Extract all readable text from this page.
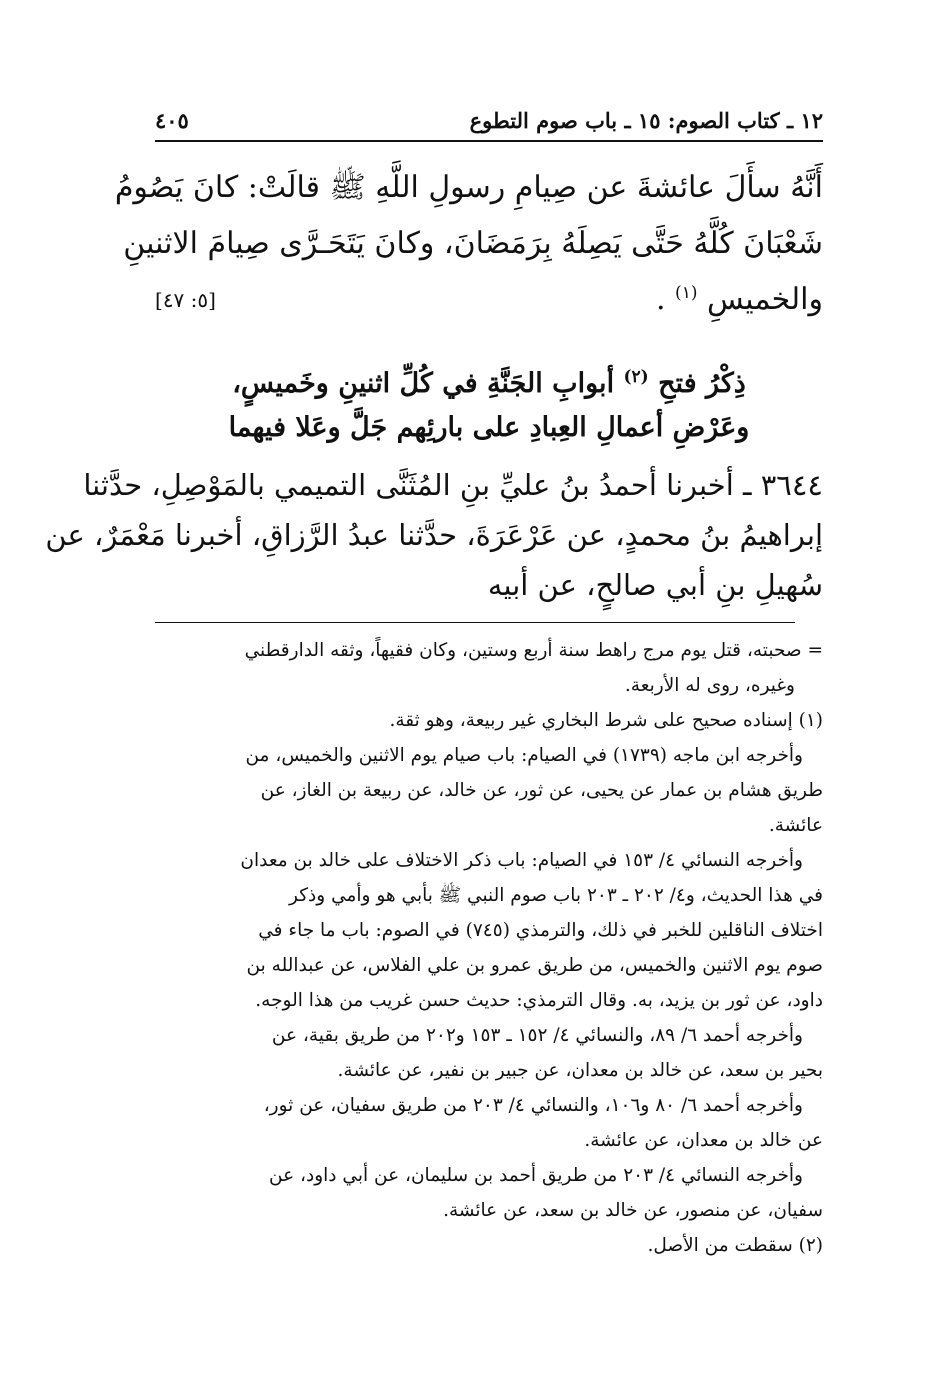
١٢ ـ كتاب الصوم: ١٥ ـ باب صوم التطوع
٤٠٥
أَنَّهُ سأَلَ عائشةَ عن صِيامِ رسولِ اللَّهِ ﷺ قالَتْ: كانَ يَصُومُ
شَعْبَانَ كُلَّهُ حَتَّى يَصِلَهُ بِرَمَضَانَ، وكانَ يَتَحَـرَّى صِيامَ الاثنينِ
والخميسِ $^{(١)}$ .
[٥: ٤٧]
ذِكْرُ فتحِ $^{(٢)}$ أبوابِ الجَنَّةِ في كُلِّ اثنينِ وخَميسٍ،
وعَرْضِ أعمالِ العِبادِ على بارئِهم جَلَّ وعَلا فيهما
٣٦٤٤ ـ أخبرنا أحمدُ بنُ عليِّ بنِ المُثَنَّى التميمي بالمَوْصِلِ، حدَّثنا
إبراهيمُ بنُ محمدٍ، عن عَرْعَرَةَ، حدَّثنا عبدُ الرَّزاقِ، أخبرنا مَعْمَرٌ، عن
سُهيلِ بنِ أبي صالحٍ، عن أبيه
= صحبته، قتل يوم مرج راهط سنة أربع وستين، وكان فقيهاً، وثقه الدارقطني
وغيره، روى له الأربعة.
(١) إسناده صحيح على شرط البخاري غير ربيعة، وهو ثقة.
وأخرجه ابن ماجه (١٧٣٩) في الصيام: باب صيام يوم الاثنين والخميس، من
طريق هشام بن عمار عن يحيى، عن ثور، عن خالد، عن ربيعة بن الغاز، عن
عائشة.
وأخرجه النسائي ٤/ ١٥٣ في الصيام: باب ذكر الاختلاف على خالد بن معدان
في هذا الحديث، و٤/ ٢٠٢ ـ ٢٠٣ باب صوم النبي ﷺ بأبي هو وأمي وذكر
اختلاف الناقلين للخبر في ذلك، والترمذي (٧٤٥) في الصوم: باب ما جاء في
صوم يوم الاثنين والخميس، من طريق عمرو بن علي الفلاس، عن عبدالله بن
داود، عن ثور بن يزيد، به. وقال الترمذي: حديث حسن غريب من هذا الوجه.
وأخرجه أحمد ٦/ ٨٩، والنسائي ٤/ ١٥٢ ـ ١٥٣ و٢٠٢ من طريق بقية، عن
بحير بن سعد، عن خالد بن معدان، عن جبير بن نفير، عن عائشة.
وأخرجه أحمد ٦/ ٨٠ و١٠٦، والنسائي ٤/ ٢٠٣ من طريق سفيان، عن ثور،
عن خالد بن معدان، عن عائشة.
وأخرجه النسائي ٤/ ٢٠٣ من طريق أحمد بن سليمان، عن أبي داود، عن
سفيان، عن منصور، عن خالد بن سعد، عن عائشة.
(٢) سقطت من الأصل.
